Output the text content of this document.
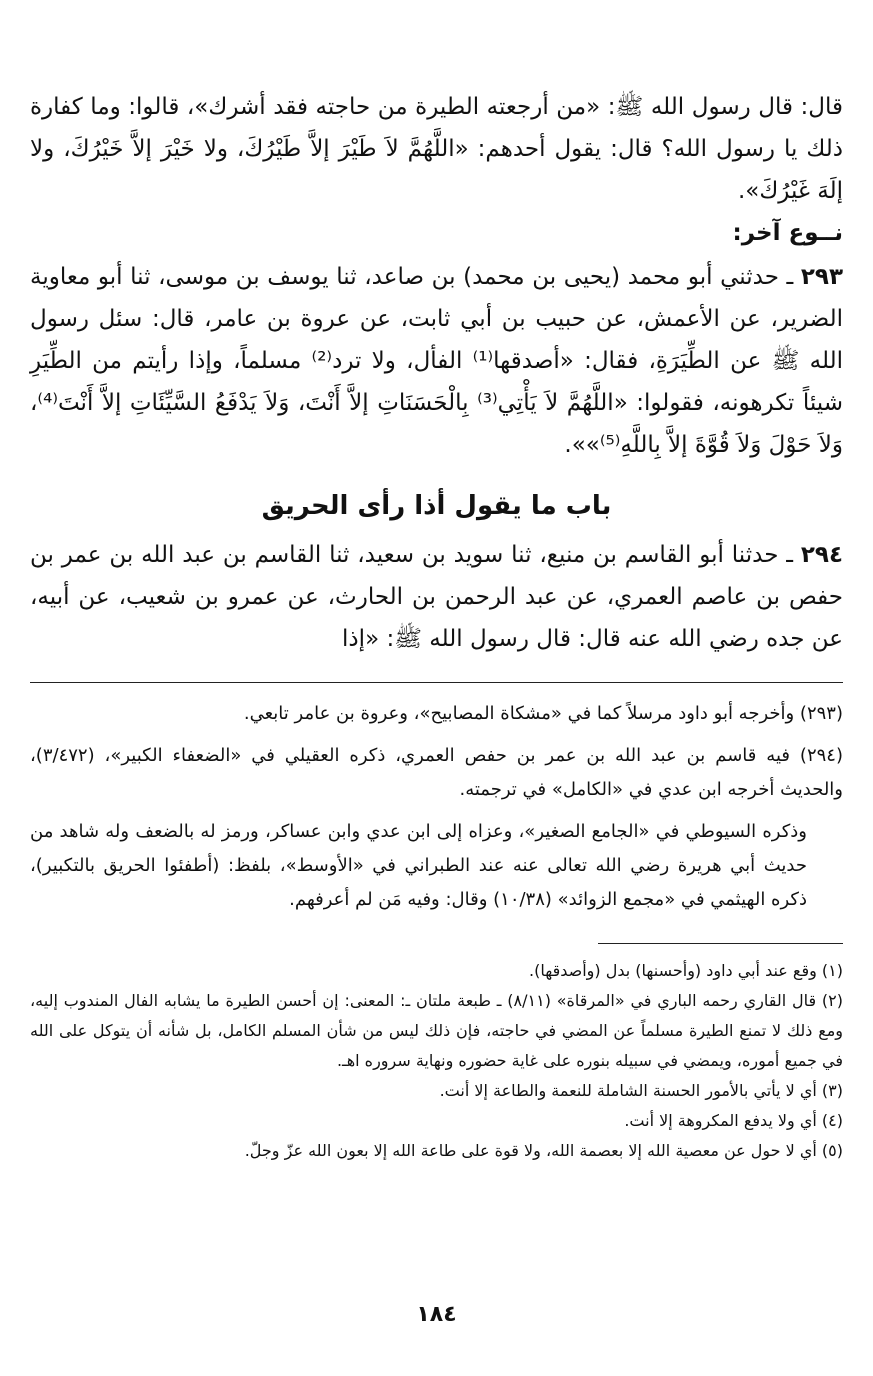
قال: قال رسول الله ﷺ: «من أرجعته الطيرة من حاجته فقد أشرك»، قالوا: وما كفارة ذلك يا رسول الله؟ قال: يقول أحدهم: «اللَّهُمَّ لاَ طَيْرَ إلاَّ طَيْرُكَ، ولا خَيْرَ إلاَّ خَيْرُكَ، ولا إلَهَ غَيْرُكَ».

نــوع آخر:

٢٩٣ ـ حدثني أبو محمد (يحيى بن محمد) بن صاعد، ثنا يوسف بن موسى، ثنا أبو معاوية الضرير، عن الأعمش، عن حبيب بن أبي ثابت، عن عروة بن عامر، قال: سئل رسول الله ﷺ عن الطِّيَرَةِ، فقال: «أصدقها⁽¹⁾ الفأل، ولا ترد⁽²⁾ مسلماً، وإذا رأيتم من الطِّيَرِ شيئاً تكرهونه، فقولوا: «اللَّهُمَّ لاَ يَأْتِي⁽³⁾ بِالْحَسَنَاتِ إلاَّ أَنْتَ، وَلاَ يَدْفَعُ السَّيِّئَاتِ إلاَّ أَنْتَ⁽⁴⁾، وَلاَ حَوْلَ وَلاَ قُوَّةَ إلاَّ بِاللَّهِ⁽⁵⁾»».

باب ما يقول أذا رأى الحريق

٢٩٤ ـ حدثنا أبو القاسم بن منيع، ثنا سويد بن سعيد، ثنا القاسم بن عبد الله بن عمر بن حفص بن عاصم العمري، عن عبد الرحمن بن الحارث، عن عمرو بن شعيب، عن أبيه، عن جده رضي الله عنه قال: قال رسول الله ﷺ: «إذا

(٢٩٣) وأخرجه أبو داود مرسلاً كما في «مشكاة المصابيح»، وعروة بن عامر تابعي.

(٢٩٤) فيه قاسم بن عبد الله بن عمر بن حفص العمري، ذكره العقيلي في «الضعفاء الكبير»، (٣/٤٧٢)، والحديث أخرجه ابن عدي في «الكامل» في ترجمته.

وذكره السيوطي في «الجامع الصغير»، وعزاه إلى ابن عدي وابن عساكر، ورمز له بالضعف وله شاهد من حديث أبي هريرة رضي الله تعالى عنه عند الطبراني في «الأوسط»، بلفظ: (أطفئوا الحريق بالتكبير)، ذكره الهيثمي في «مجمع الزوائد» (١٠/٣٨) وقال: وفيه مَن لم أعرفهم.

(١) وقع عند أبي داود (وأحسنها) بدل (وأصدقها).

(٢) قال القاري رحمه الباري في «المرقاة» (٨/١١) ـ طبعة ملتان ـ: المعنى: إن أحسن الطيرة ما يشابه الفال المندوب إليه، ومع ذلك لا تمنع الطيرة مسلماً عن المضي في حاجته، فإن ذلك ليس من شأن المسلم الكامل، بل شأنه أن يتوكل على الله في جميع أموره، ويمضي في سبيله بنوره على غاية حضوره ونهاية سروره اهـ.

(٣) أي لا يأتي بالأمور الحسنة الشاملة للنعمة والطاعة إلا أنت.

(٤) أي ولا يدفع المكروهة إلا أنت.

(٥) أي لا حول عن معصية الله إلا بعصمة الله، ولا قوة على طاعة الله إلا بعون الله عزّ وجلّ.

١٨٤
